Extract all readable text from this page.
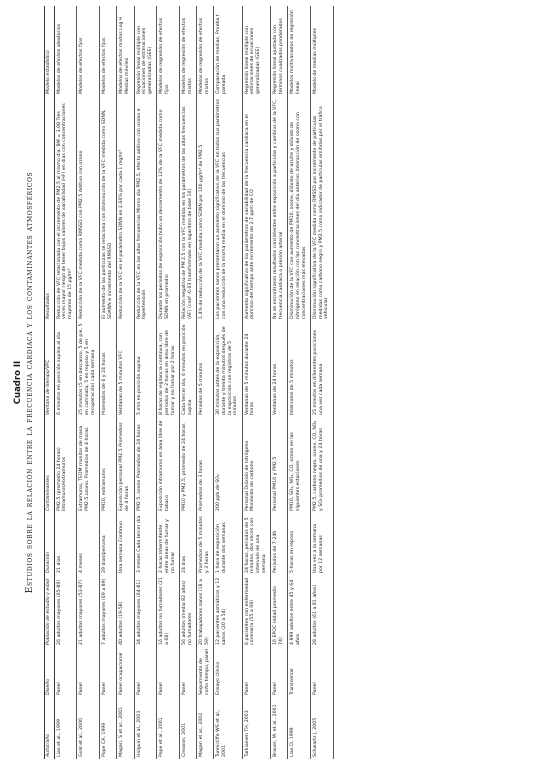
Cuadro II Estudios sobre la relación entre la frecuencia cardiaca y los contaminantes atmosféricos
Autor/año	Diseño	Población de estudio y edad	Duración	Contaminantes	Ventana de tiempo/VFC	Resultados	Modelo estadístico
Liao et al., 1999	Panel	26 adultos mayores (65-89)	21 días	PM2.5 (promedio 24 horas) Intramuros/extramuros	6 minutos en posición supina al día	Reducción de VFC relacionada con el incremento de PM2.5 al mismo día. BM = 3.08 Tres veces mayor riesgo de tener bajos valores de variabilidad (HF) en días con concentraciones mayores de 15 µg/m³	Modelos de efectos aleatorios
Gold et al., 2000	Panel	21 adultos mayores (53-87)	4 meses	Extramuros, TEOM monitor de masa PM2.5,ozono. Promedios de 4 horas	25 minutos (5 en descanso, 5 de pie, 5 en caminata, 5 en reposo y 5 en recuperación) cada semana	Reducción de la VFC medida como RMSSD con PM2.5 Aditivo con ozono	Modelos de efectos fijos
Pope CA, 1999	Panel	7 adultos mayores (69 a 89)	29 días/persona	PM10, extramuros	Promedios de 6 y 24 horas	El aumento de las partículas se relaciona con disminución de la VFC medida como SDNN, SDANN e incremento del RMSSD	Modelos de efectos fijos
Magari, S et al., 2001	Panel ocupacional	40 adultos (19-58)	Una semana Continuo	Exposición personal PM2.5 Promedios de 4 horas	Ventanas de 5 minutos VFC	Reducción de la VFC en el parámetro SDNN en 2.66% por cada 1 mg/m³	Modelos de efectos mixtos Log H Medias móviles
Holguin et al., 2003	Panel	34 adultos mayores (64-81)	3 meses Cada tercer día	PM2.5, ozono Promedios de 24 horas	5 min en posición supina	Reducción de la VFC en las altas frecuencias Mismo día PM2.5, efecto aditivo con ozono e hipertensión	Regresión lineal múltiple con ecuaciones de estimaciones generalizadas (GEE)
Pope et al., 2001	Panel	16 adultos no fumadores (21 a 68)	2 horas Intermitente entre áreas de fumar y no fumar	Exposición intramuros en área libre de tabaco	8 horas de vigilancia continua, con periodos de 2 horas en área libre de fumar y no fumar por 2 horas	Durante los periodos de exposición hubo un decremento de 12% de la VFC medida como SDNN en promedio	Modelos de regresión de efectos fijos
Creason, 2001	Panel	56 adultos (media 82 años) no fumadores	24 días	PM10 y PM2.5, promedio de 24 horas	Cada tercer día, 6 minutos en posición supina	Relación negativa de PM 2.5 con la VFC medida en los parámetros de las altas frecuencias (AF) (coef -0.03 transformado en logaritmo de base 10)	Modelos de regresión de efectos mixtos
Magari et al., 2002	Seguimiento de corto tiempo, panel	20 trabajadores sanos (18 a 59)	Promedios de 5 minutos y 3 horas	Promedios de 3 horas	Periodos de 5 minutos	1.4% de reducción de la VFC medida como SDNN por 100 µg/m³ de PM2.5	Modelos de regresión de efectos mixtos
Tunnicliffe WS et al., 2001	Ensayo clínico	12 pacientes asmáticos y 12 sanos (20 a 54)	1 hora de exposición durante dos semanas	200 ppb de SO₂	30 minutos antes de la exposición, durante y treinta minutos después de la exposición con registros de 5 minutos	Los pacientes sanos presentaron un aumento significativo de la VFC en todos sus parámetros con una reducción de la misma media en el dominio de las frecuencias	Comparación de medias. Prueba t pareada
Tarkiainen TH, 2003	Panel	6 pacientes con enfermedad coronaria (55 a 68)	24 horas, periodos de 5 minutos, dos veces con intervalo de una semana	Personal Dióxido de nitrógeno Monóxido de carbono	Ventanas de 5 minutos durante 24 horas	Aumento significativo de los parámetros de variabilidad de la frecuencia cardiaca en el dominio del tiempo ante incremento de 2.7 ppm de CO	Regresión lineal múltiple con estimaciones de ecuaciones generalizadas (GEE)
Brauer, M. et al., 2001	Panel	16 EPOC (edad promedio 74)	Periodos de 7-24h	Personal PM10 y PM2.5	Ventanas de 24 horas	No se encontraron resultados consistentes entre exposición a partículas y cambios de la VFC, frecuencia cardiaca o presión arterial	Regresión lineal ajustada con términos cuadrados ponderados
Liao D, 1999	Transversal	4 899 adultos entre 45 y 64 años	5 horas en reposo	PM10, SO₂, NO₂, CO, ozono en las siguientes estaciones	Intervalos de 5 minutos	Disminución de la VFC con aumento de PM10, ozono, dióxido de azufre y dióxido de nitrógeno en relación con las concentraciones del día anterior. Interacción de ozono con concentraciones más elevadas	Modelos multivariados de regresión lineal
Schwartz J, 2005	Panel	28 adultos (61 a 81 años)	Una vez a la semana por 12 semanas	PM2.5, carbono negro, ozono, CO, NO₂ y SO₂ promedios de una y 24 horas	25 minutos en diferentes posiciones una vez cada semana	Disminución significativa de la VFC medida como RMSSD por incremento de partículas medidas como carbono negro y PM2.5 como indicador de partículas emitidas por el tráfico vehicular	Modelo de medias múltiples
